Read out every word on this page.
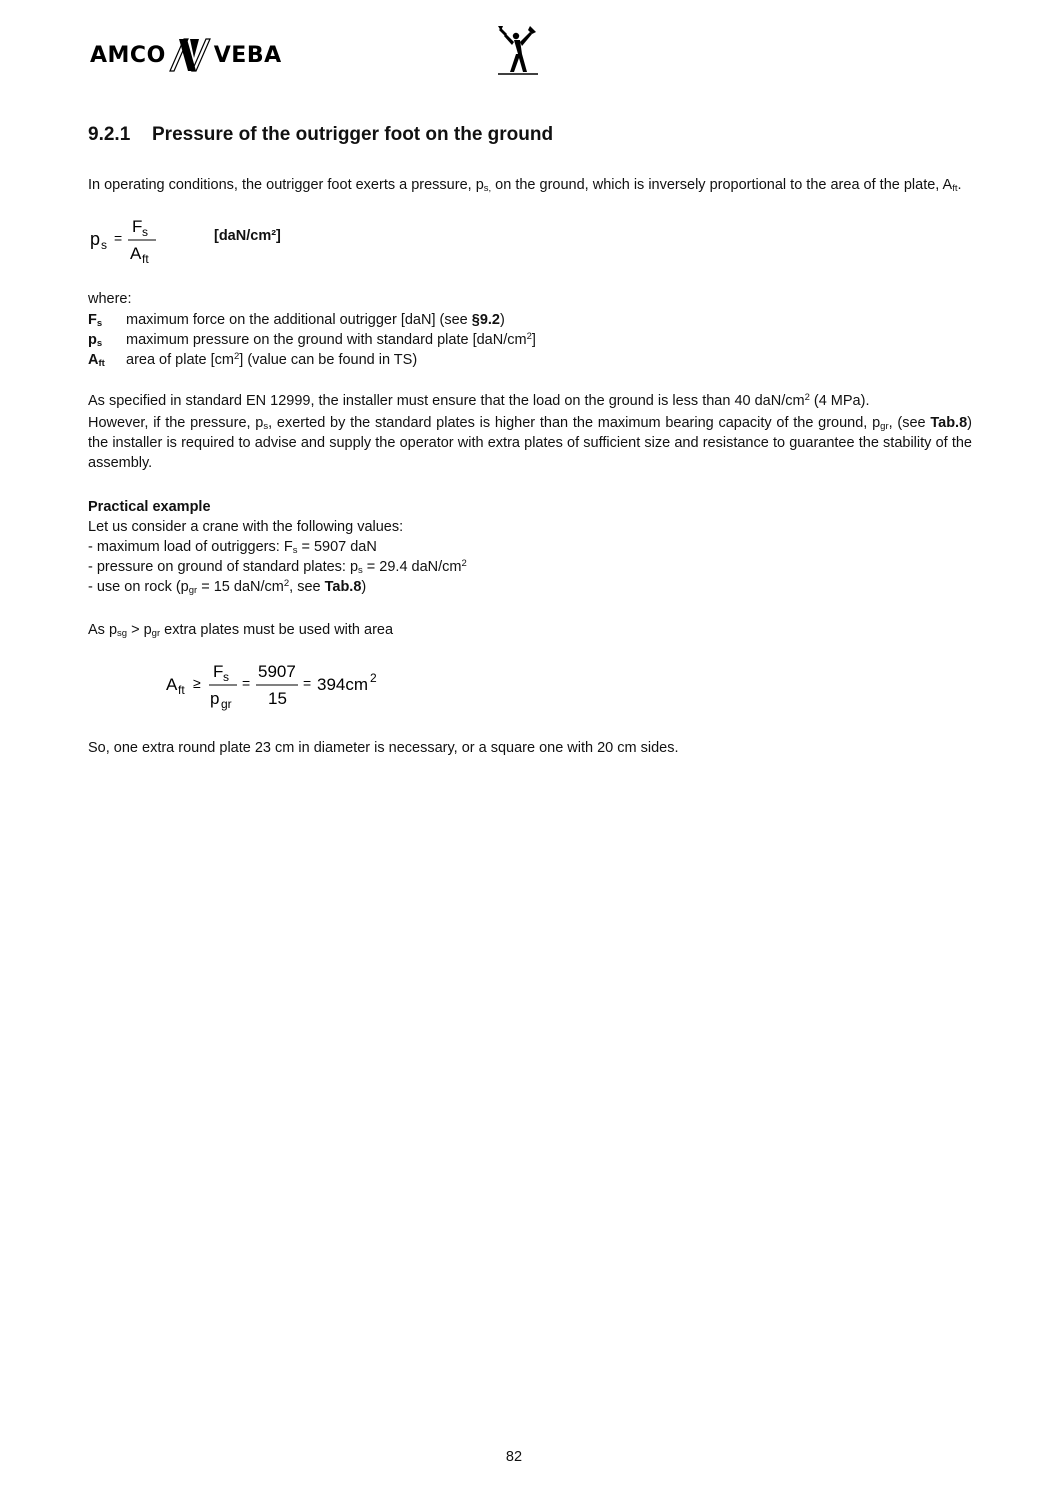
AMCO VEBA
9.2.1 Pressure of the outrigger foot on the ground
In operating conditions, the outrigger foot exerts a pressure, $p_{s,}$ on the ground, which is inversely proportional to the area of the plate, $A_{ft}$.
p s =
F s
A ft
[daN/cm²]
where:
$F_s$	maximum force on the additional outrigger [daN] (see §9.2)
$p_s$	maximum pressure on the ground with standard plate $[daN/cm^2]$
$A_{ft}$	area of plate $[cm^2]$ (value can be found in TS)
As specified in standard EN 12999, the installer must ensure that the load on the ground is less than 40 daN/$cm^2$ (4 MPa).
However, if the pressure, $p_s$, exerted by the standard plates is higher than the maximum bearing capacity of the ground, $p_{gr}$, (see Tab.8) the installer is required to advise and supply the operator with extra plates of sufficient size and resistance to guarantee the stability of the assembly.
Practical example
Let us consider a crane with the following values:
- maximum load of outriggers: $F_s = 5907$ daN
- pressure on ground of standard plates: $p_s = 29.4$ daN/$cm^2$
- use on rock ($p_{gr} = 15$ daN/$cm^2$, see Tab.8)
As $p_{sg} > p_{gr}$ extra plates must be used with area
A ft ≥
F s
p gr
=
5907
15
= 394cm 2
So, one extra round plate 23 cm in diameter is necessary, or a square one with 20 cm sides.
82
